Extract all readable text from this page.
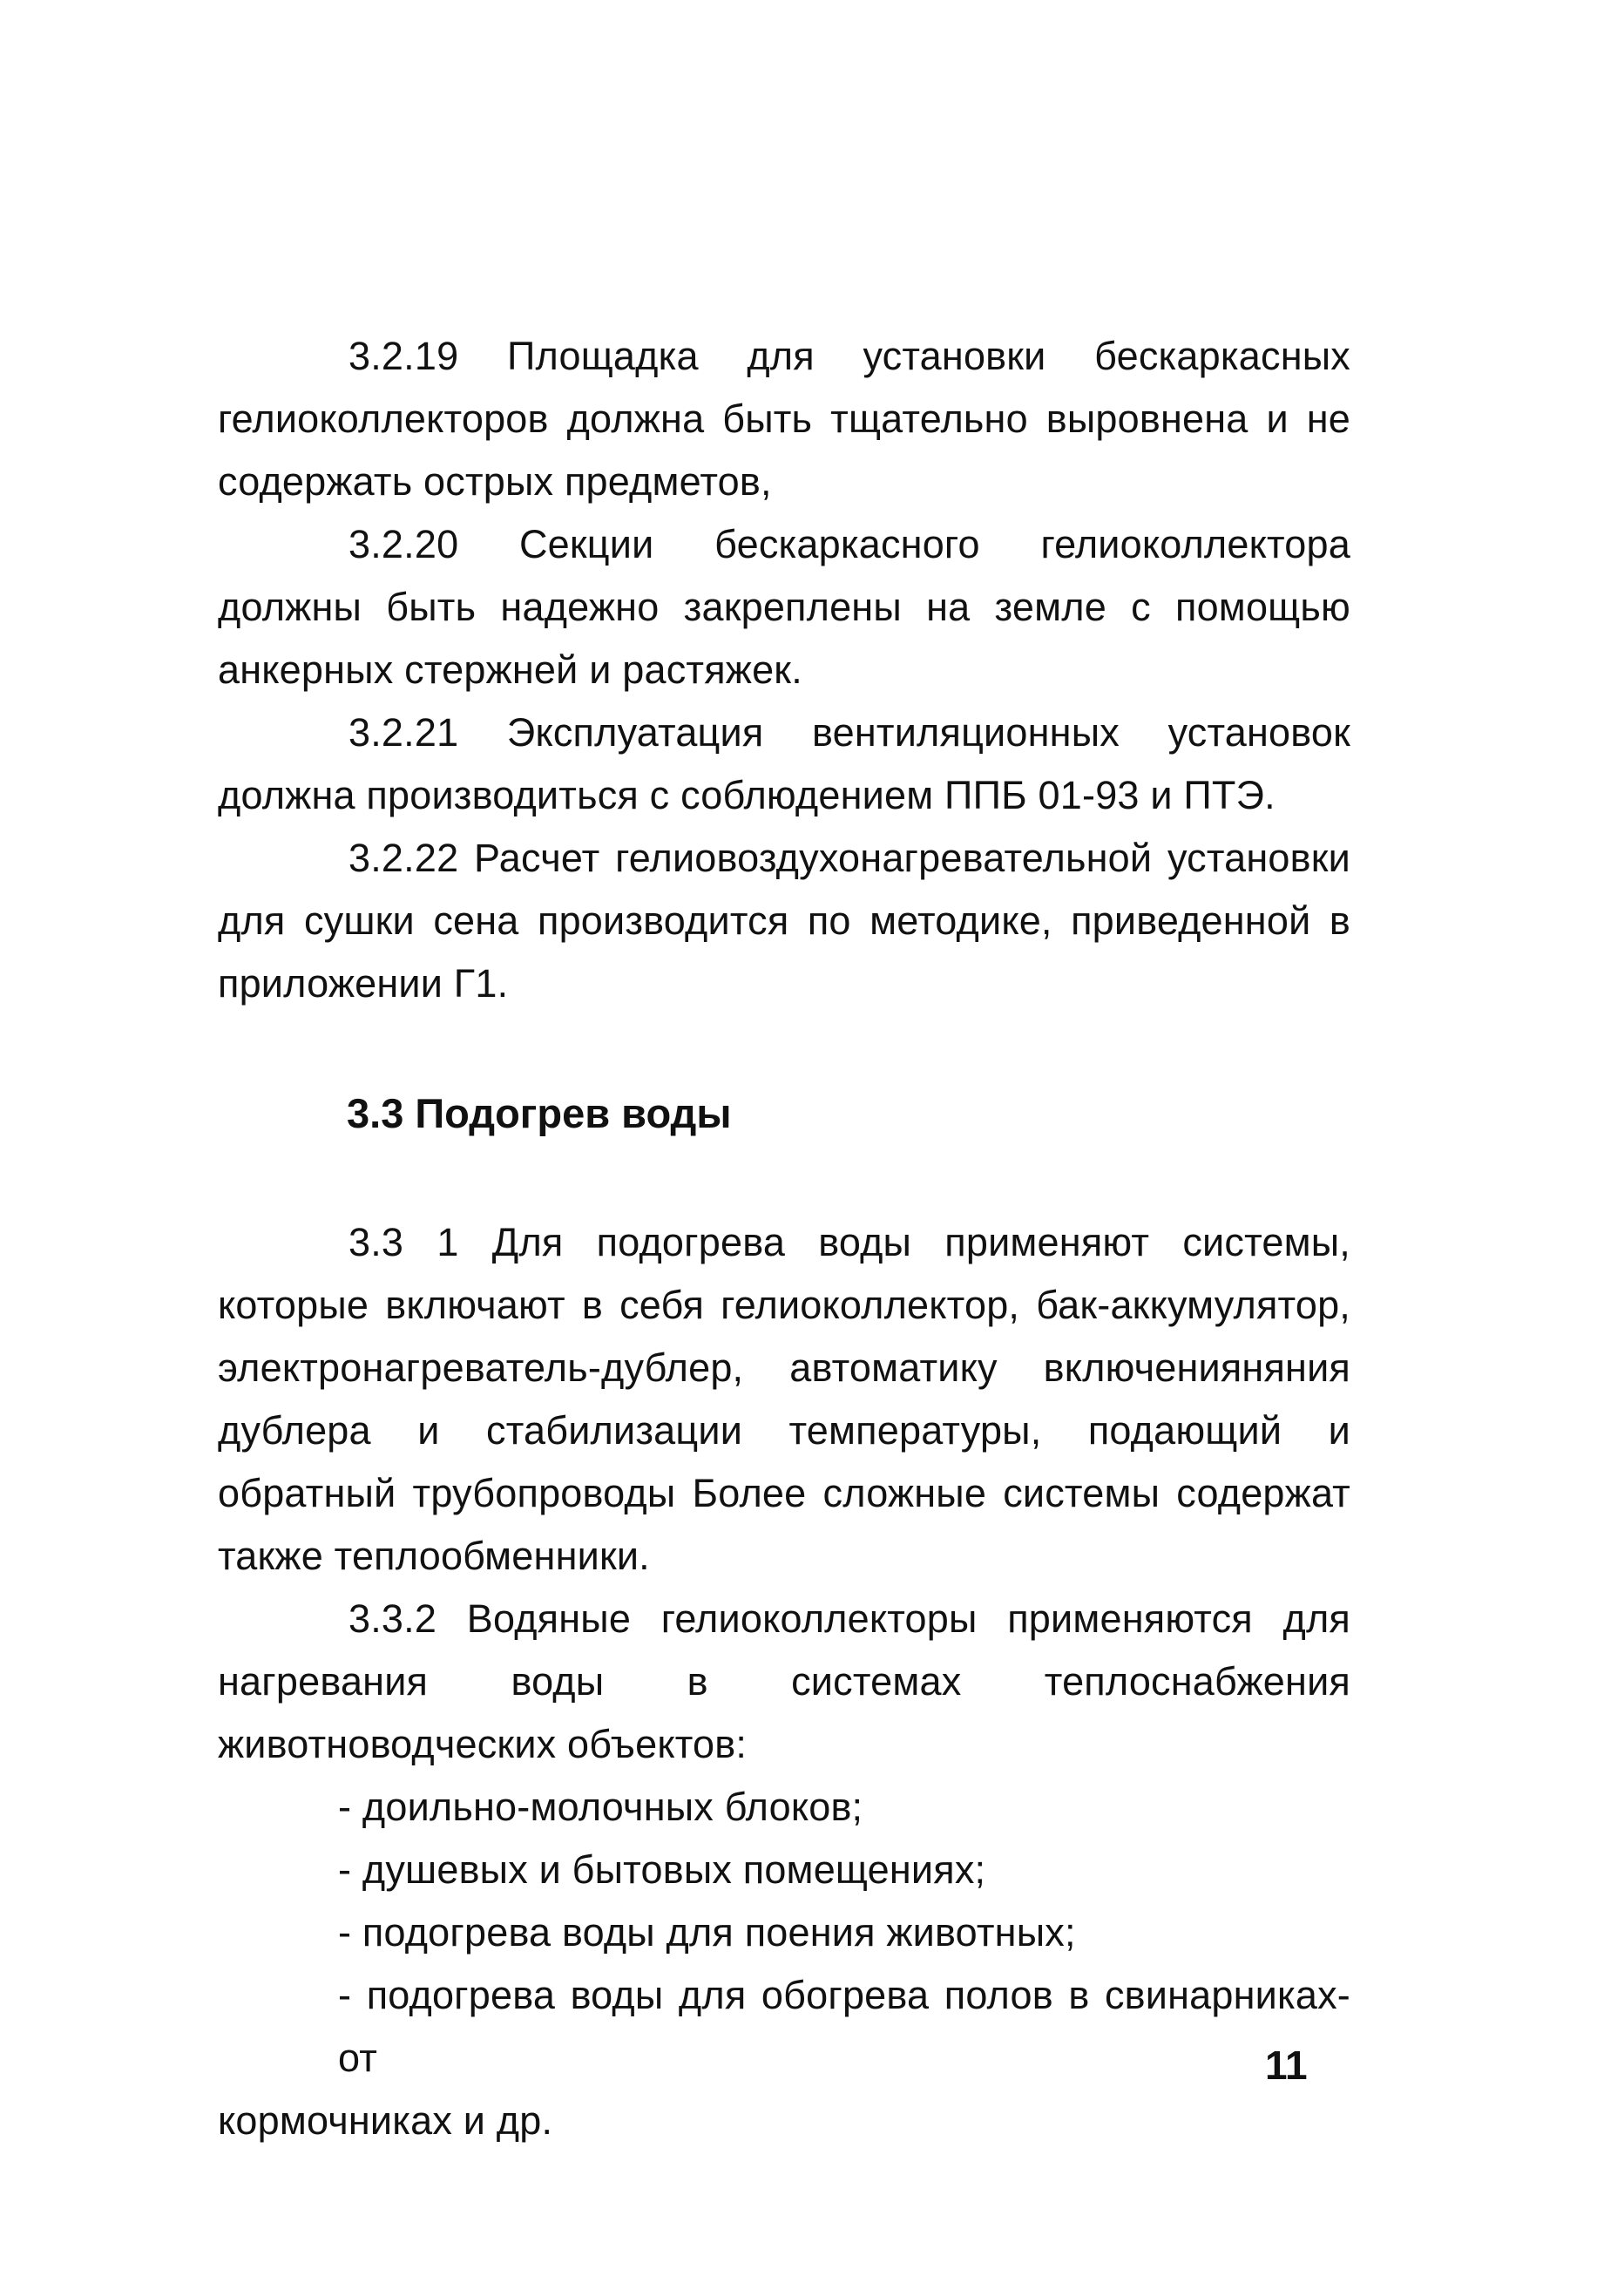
3.2.19 Площадка для установки бескаркасных гелиоколлекторов должна быть тщательно выровнена и не содержать острых предметов,

3.2.20 Секции бескаркасного гелиоколлектора должны быть надежно закреплены на земле с помощью анкерных стержней и растяжек.

3.2.21 Эксплуатация вентиляционных установок должна производиться с соблюдением ППБ 01-93 и ПТЭ.

3.2.22 Расчет гелиовоздухонагревательной установки для сушки сена производится по методике, приведенной в приложении Г1.

3.3 Подогрев воды

3.3 1 Для подогрева воды применяют системы, которые включают в себя гелиоколлектор, бак-аккумулятор, электронагреватель-дублер, автоматику включенияняния дублера и стабилизации температуры, подающий и обратный трубопроводы Более сложные системы содержат также теплообменники.

3.3.2 Водяные гелиоколлекторы применяются для нагревания воды в системах теплоснабжения животноводческих объектов:

- доильно-молочных блоков;

- душевых и бытовых помещениях;

- подогрева воды для поения животных;

- подогрева воды для обогрева полов в свинарниках-от

кормочниках и др.

11
